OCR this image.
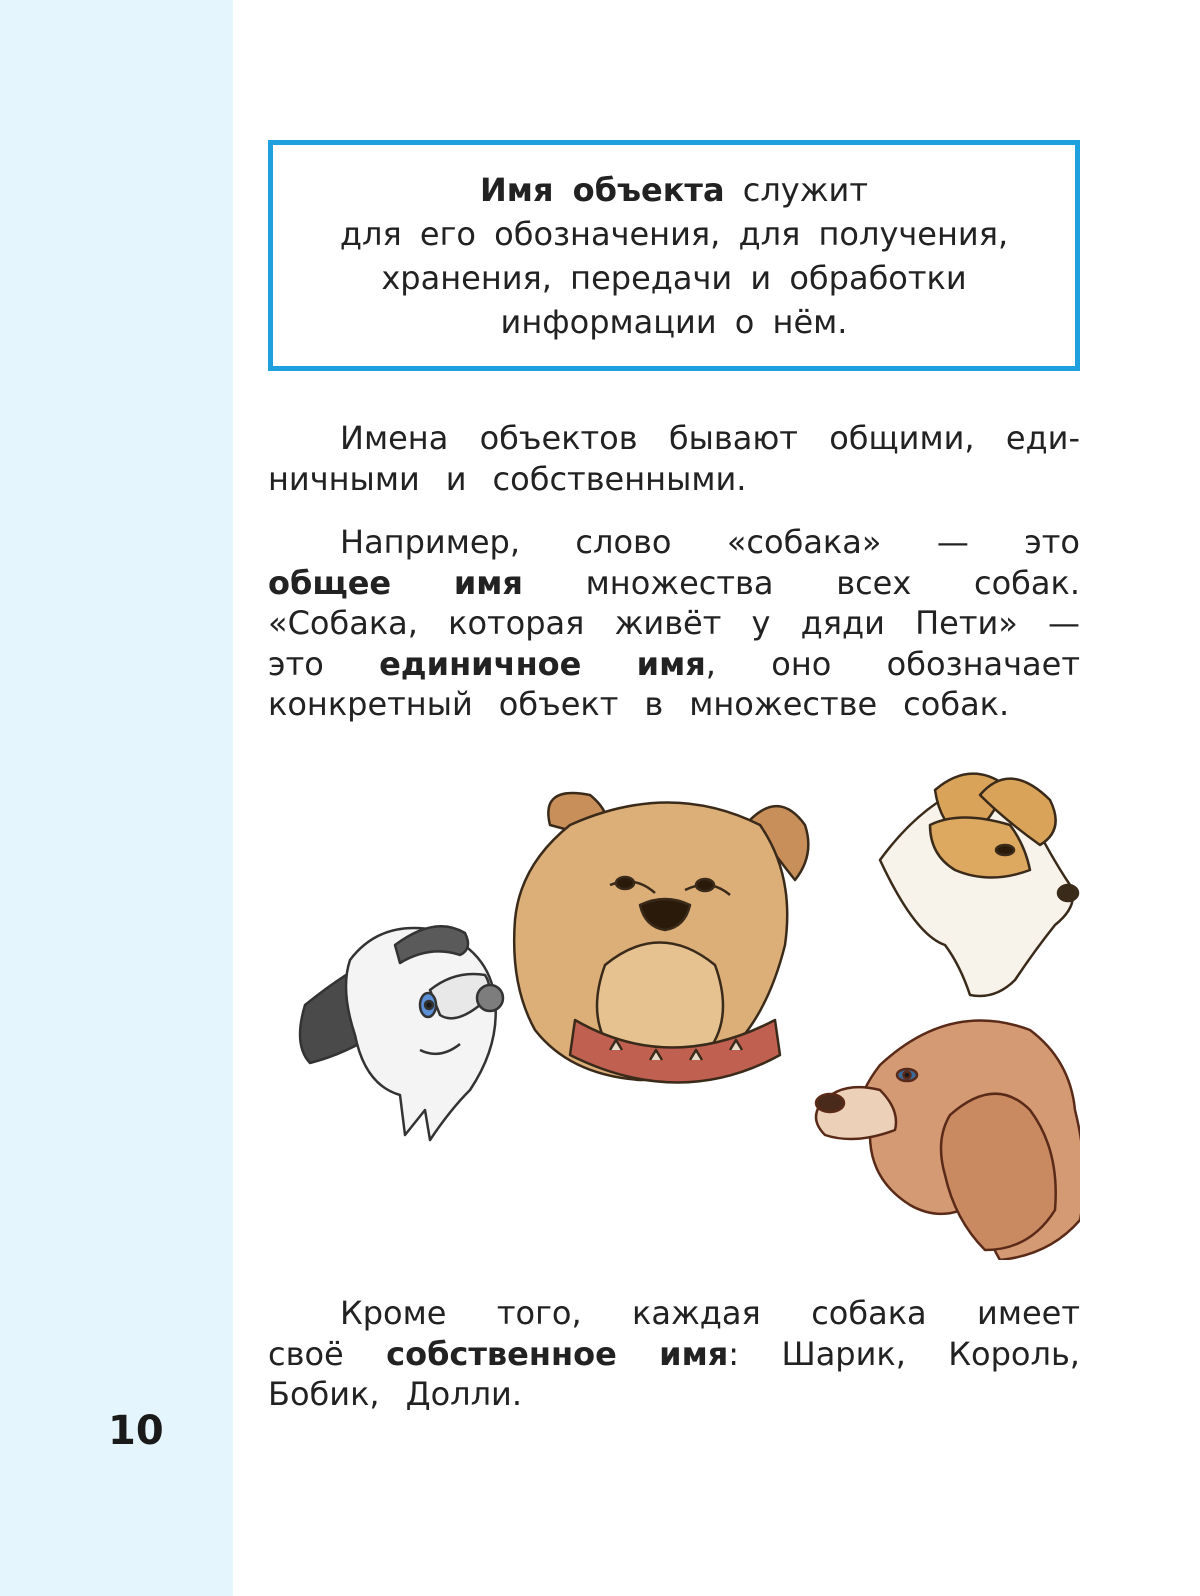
10
Имя объекта служит
для его обозначения, для получения,
хранения, передачи и обработки
информации о нём.
Имена объектов бывают общими, еди-
ничными и собственными.
Например, слово «собака» — это
общее имя множества всех собак.
«Собака, которая живёт у дяди Пети» —
это единичное имя, оно обозначает
конкретный объект в множестве собак.
Кроме того, каждая собака имеет
своё собственное имя: Шарик, Король,
Бобик, Долли.
